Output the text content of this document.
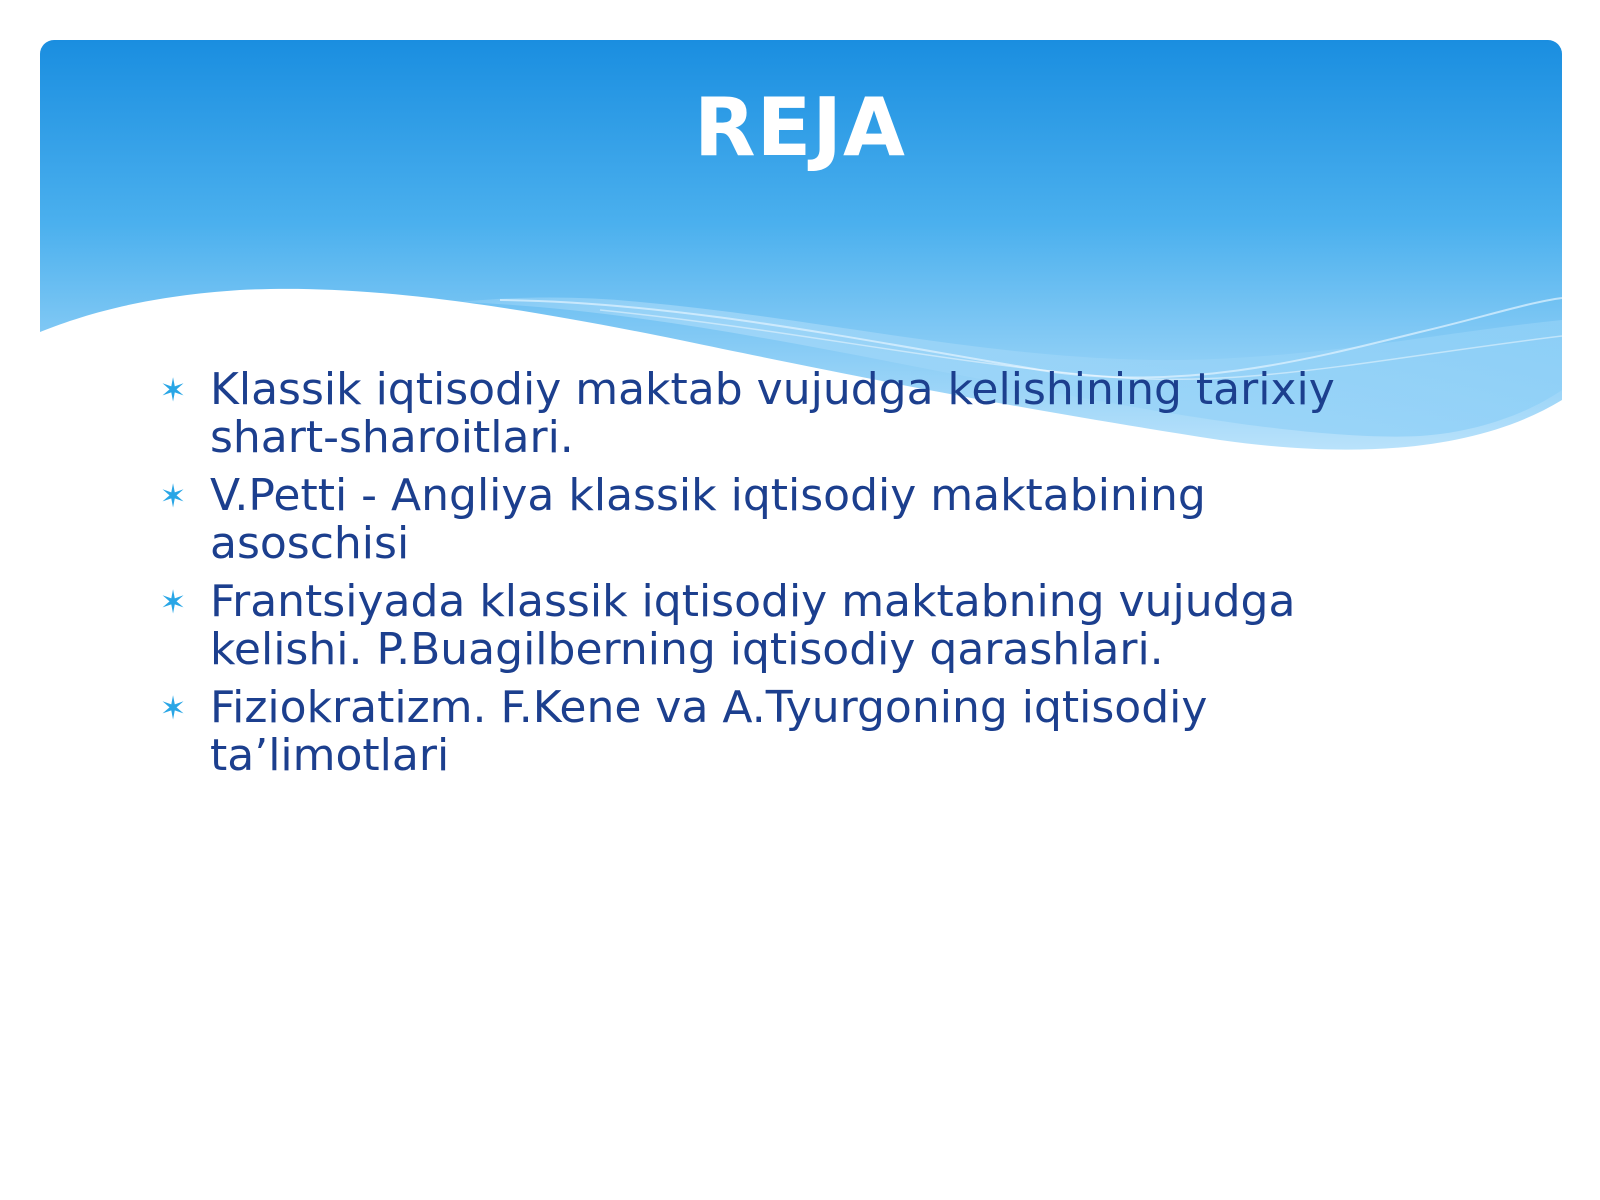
REJA
✶ Klassik iqtisodiy maktab vujudga kelishining tarixiy shart-sharoitlari.
✶ V.Petti - Angliya klassik iqtisodiy maktabining asoschisi
✶ Frantsiyada klassik iqtisodiy maktabning vujudga kelishi. P.Buagilberning iqtisodiy qarashlari.
✶ Fiziokratizm. F.Kene va A.Tyurgoning iqtisodiy ta’limotlari
